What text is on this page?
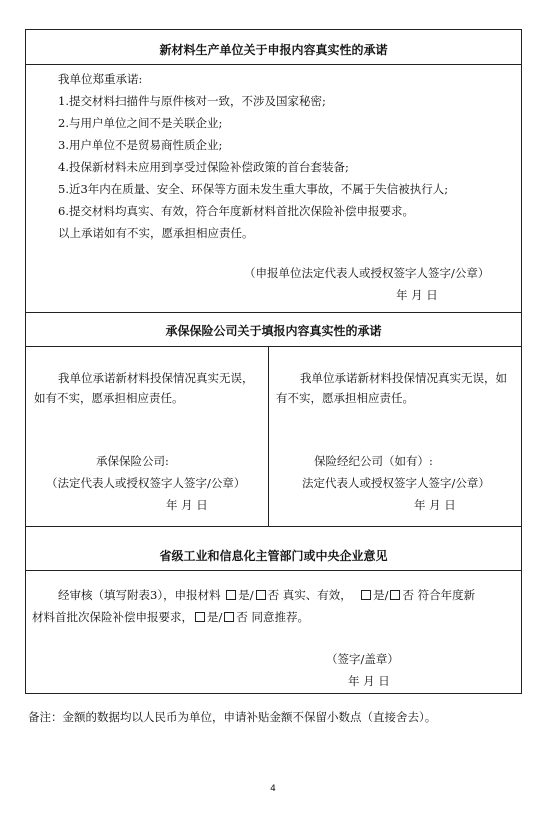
新材料生产单位关于申报内容真实性的承诺
我单位郑重承诺:
1.提交材料扫描件与原件核对一致，不涉及国家秘密;
2.与用户单位之间不是关联企业;
3.用户单位不是贸易商性质企业;
4.投保新材料未应用到享受过保险补偿政策的首台套装备;
5.近3年内在质量、安全、环保等方面未发生重大事故，不属于失信被执行人;
6.提交材料均真实、有效，符合年度新材料首批次保险补偿申报要求。
以上承诺如有不实，愿承担相应责任。
（申报单位法定代表人或授权签字人签字/公章）
年 月 日
承保保险公司关于填报内容真实性的承诺
我单位承诺新材料投保情况真实无误，如有不实，愿承担相应责任。
承保保险公司:
（法定代表人或授权签字人签字/公章）
年 月 日
我单位承诺新材料投保情况真实无误，如有不实，愿承担相应责任。
保险经纪公司（如有）:
法定代表人或授权签字人签字/公章）
年 月 日
省级工业和信息化主管部门或中央企业意见
经审核（填写附表3），申报材料 是/ 否 真实、有效， 是/ 否 符合年度新
材料首批次保险补偿申报要求， 是/ 否 同意推荐。
（签字/盖章）
年 月 日
备注：金额的数据均以人民币为单位，申请补贴金额不保留小数点（直接舍去）。
4
